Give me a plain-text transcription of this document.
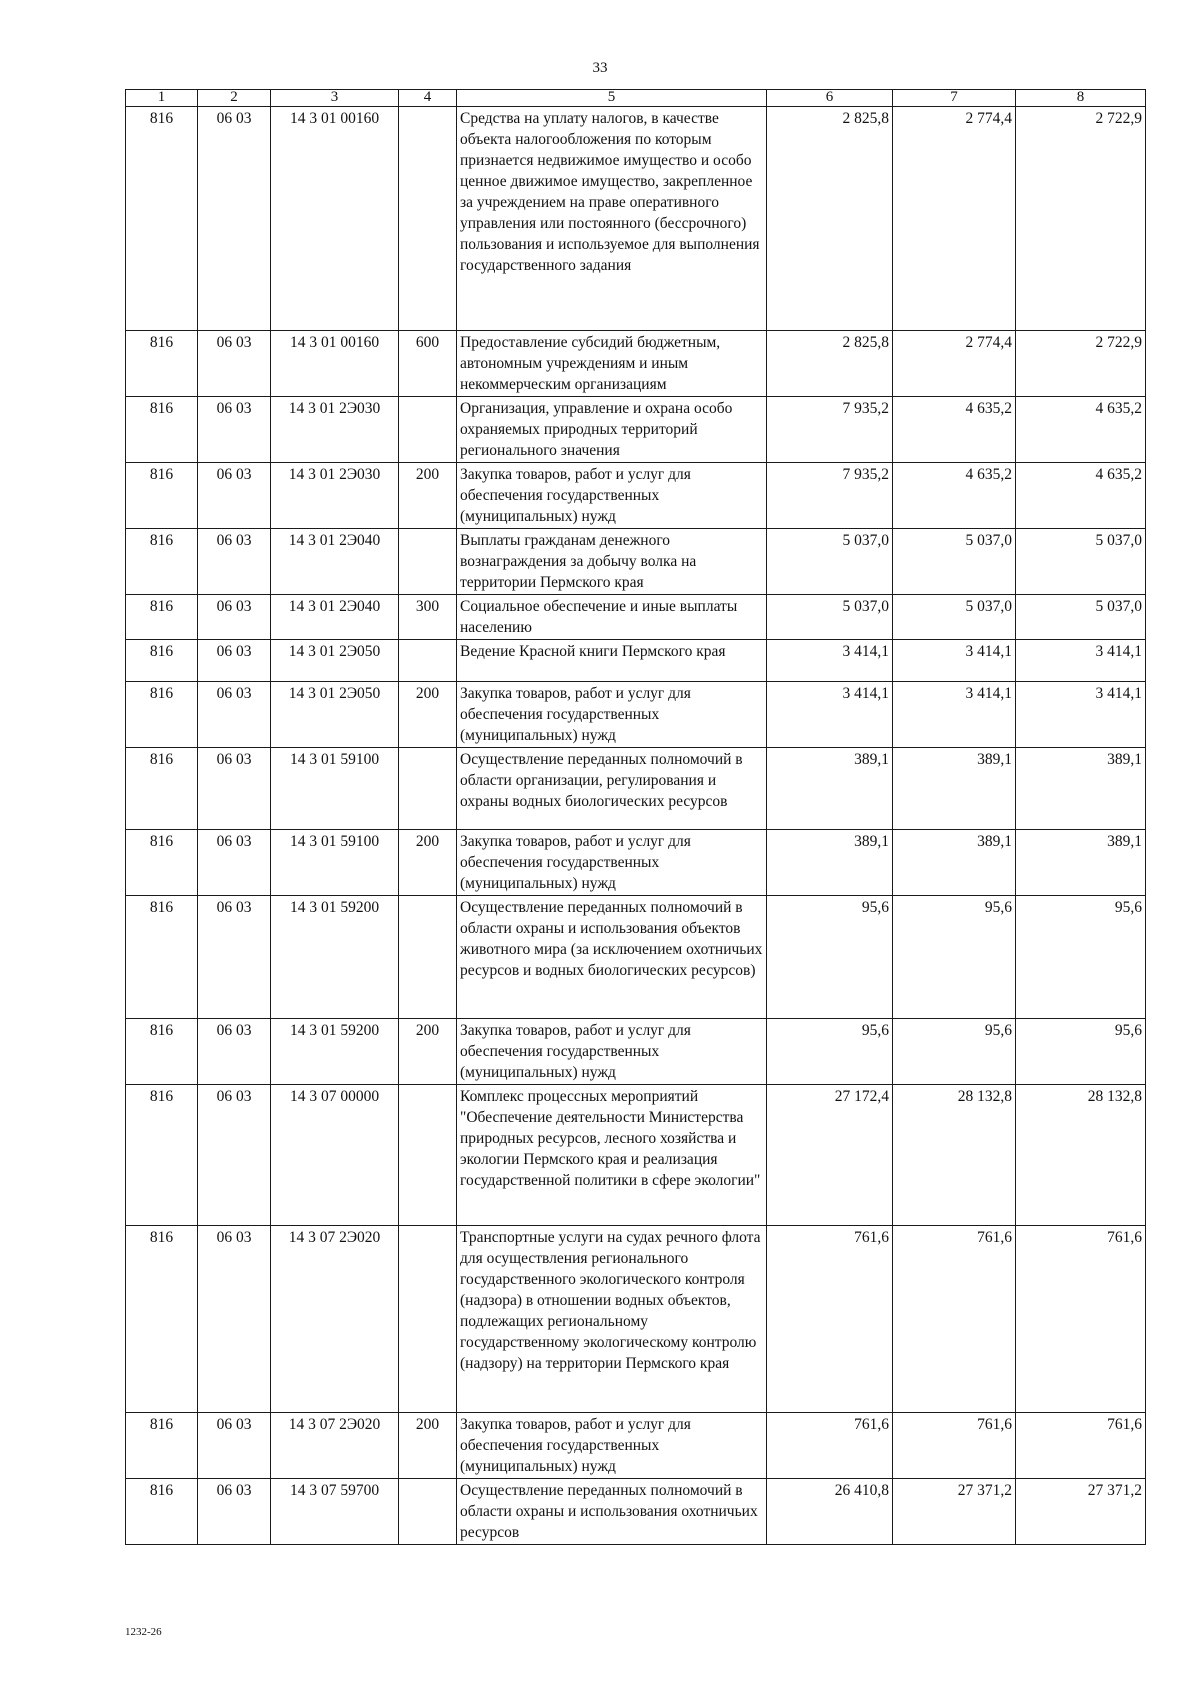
33
1	2	3	4	5	6	7	8
816	06 03	14 3 01 00160		Средства на уплату налогов, в качестве объекта налогообложения по которым признается недвижимое имущество и особо ценное движимое имущество, закрепленное за учреждением на праве оперативного управления или постоянного (бессрочного) пользования и используемое для выполнения государственного задания	2 825,8	2 774,4	2 722,9
816	06 03	14 3 01 00160	600	Предоставление субсидий бюджетным, автономным учреждениям и иным некоммерческим организациям	2 825,8	2 774,4	2 722,9
816	06 03	14 3 01 2Э030		Организация, управление и охрана особо охраняемых природных территорий регионального значения	7 935,2	4 635,2	4 635,2
816	06 03	14 3 01 2Э030	200	Закупка товаров, работ и услуг для обеспечения государственных (муниципальных) нужд	7 935,2	4 635,2	4 635,2
816	06 03	14 3 01 2Э040		Выплаты гражданам денежного вознаграждения за добычу волка на территории Пермского края	5 037,0	5 037,0	5 037,0
816	06 03	14 3 01 2Э040	300	Социальное обеспечение и иные выплаты населению	5 037,0	5 037,0	5 037,0
816	06 03	14 3 01 2Э050		Ведение Красной книги Пермского края	3 414,1	3 414,1	3 414,1
816	06 03	14 3 01 2Э050	200	Закупка товаров, работ и услуг для обеспечения государственных (муниципальных) нужд	3 414,1	3 414,1	3 414,1
816	06 03	14 3 01 59100		Осуществление переданных полномочий в области организации, регулирования и охраны водных биологических ресурсов	389,1	389,1	389,1
816	06 03	14 3 01 59100	200	Закупка товаров, работ и услуг для обеспечения государственных (муниципальных) нужд	389,1	389,1	389,1
816	06 03	14 3 01 59200		Осуществление переданных полномочий в области охраны и использования объектов животного мира (за исключением охотничьих ресурсов и водных биологических ресурсов)	95,6	95,6	95,6
816	06 03	14 3 01 59200	200	Закупка товаров, работ и услуг для обеспечения государственных (муниципальных) нужд	95,6	95,6	95,6
816	06 03	14 3 07 00000		Комплекс процессных мероприятий "Обеспечение деятельности Министерства природных ресурсов, лесного хозяйства и экологии Пермского края и реализация государственной политики в сфере экологии"	27 172,4	28 132,8	28 132,8
816	06 03	14 3 07 2Э020		Транспортные услуги на судах речного флота для осуществления регионального государственного экологического контроля (надзора) в отношении водных объектов, подлежащих региональному государственному экологическому контролю (надзору) на территории Пермского края	761,6	761,6	761,6
816	06 03	14 3 07 2Э020	200	Закупка товаров, работ и услуг для обеспечения государственных (муниципальных) нужд	761,6	761,6	761,6
816	06 03	14 3 07 59700		Осуществление переданных полномочий в области охраны и использования охотничьих ресурсов	26 410,8	27 371,2	27 371,2
1232-26
